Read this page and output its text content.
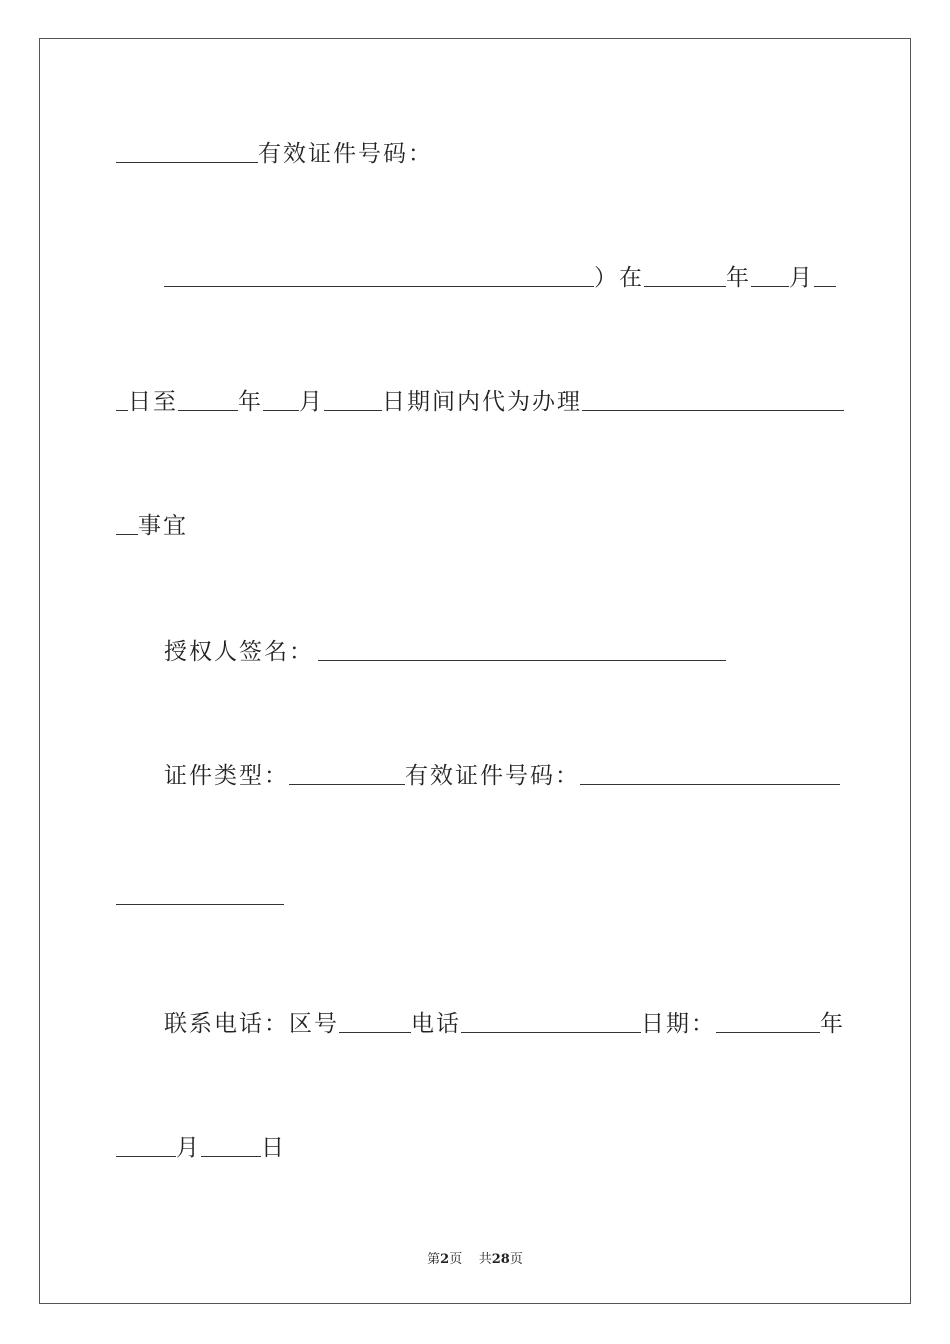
有效证件号码：
）在	年 月
日至	年 月	日期间内代为办理
事宜
授权人签名：
证件类型：	有效证件号码：
联系电话：区号	电话	日期：	年
月	日
第2页 共28页
